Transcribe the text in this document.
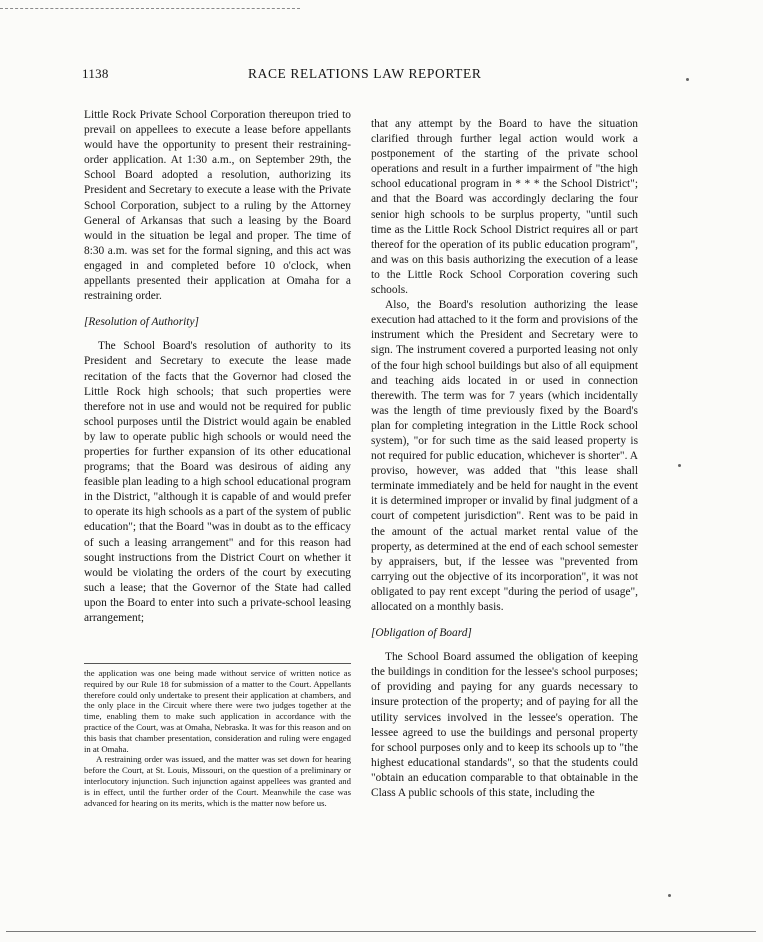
1138	RACE RELATIONS LAW REPORTER

Little Rock Private School Corporation thereupon tried to prevail on appellees to execute a lease before appellants would have the opportunity to present their restraining-order application. At 1:30 a.m., on September 29th, the School Board adopted a resolution, authorizing its President and Secretary to execute a lease with the Private School Corporation, subject to a ruling by the Attorney General of Arkansas that such a leasing by the Board would in the situation be legal and proper. The time of 8:30 a.m. was set for the formal signing, and this act was engaged in and completed before 10 o'clock, when appellants presented their application at Omaha for a restraining order.

[Resolution of Authority]

The School Board's resolution of authority to its President and Secretary to execute the lease made recitation of the facts that the Governor had closed the Little Rock high schools; that such properties were therefore not in use and would not be required for public school purposes until the District would again be enabled by law to operate public high schools or would need the properties for further expansion of its other educational programs; that the Board was desirous of aiding any feasible plan leading to a high school educational program in the District, "although it is capable of and would prefer to operate its high schools as a part of the system of public education"; that the Board "was in doubt as to the efficacy of such a leasing arrangement" and for this reason had sought instructions from the District Court on whether it would be violating the orders of the court by executing such a lease; that the Governor of the State had called upon the Board to enter into such a private-school leasing arrangement;

the application was one being made without service of written notice as required by our Rule 18 for submission of a matter to the Court. Appellants therefore could only undertake to present their application at chambers, and the only place in the Circuit where there were two judges together at the time, enabling them to make such application in accordance with the practice of the Court, was at Omaha, Nebraska. It was for this reason and on this basis that chamber presentation, consideration and ruling were engaged in at Omaha.

A restraining order was issued, and the matter was set down for hearing before the Court, at St. Louis, Missouri, on the question of a preliminary or interlocutory injunction. Such injunction against appellees was granted and is in effect, until the further order of the Court. Meanwhile the case was advanced for hearing on its merits, which is the matter now before us.

that any attempt by the Board to have the situation clarified through further legal action would work a postponement of the starting of the private school operations and result in a further impairment of "the high school educational program in * * * the School District"; and that the Board was accordingly declaring the four senior high schools to be surplus property, "until such time as the Little Rock School District requires all or part thereof for the operation of its public education program", and was on this basis authorizing the execution of a lease to the Little Rock School Corporation covering such schools.

Also, the Board's resolution authorizing the lease execution had attached to it the form and provisions of the instrument which the President and Secretary were to sign. The instrument covered a purported leasing not only of the four high school buildings but also of all equipment and teaching aids located in or used in connection therewith. The term was for 7 years (which incidentally was the length of time previously fixed by the Board's plan for completing integration in the Little Rock school system), "or for such time as the said leased property is not required for public education, whichever is shorter". A proviso, however, was added that "this lease shall terminate immediately and be held for naught in the event it is determined improper or invalid by final judgment of a court of competent jurisdiction". Rent was to be paid in the amount of the actual market rental value of the property, as determined at the end of each school semester by appraisers, but, if the lessee was "prevented from carrying out the objective of its incorporation", it was not obligated to pay rent except "during the period of usage", allocated on a monthly basis.

[Obligation of Board]

The School Board assumed the obligation of keeping the buildings in condition for the lessee's school purposes; of providing and paying for any guards necessary to insure protection of the property; and of paying for all the utility services involved in the lessee's operation. The lessee agreed to use the buildings and personal property for school purposes only and to keep its schools up to "the highest educational standards", so that the students could "obtain an education comparable to that obtainable in the Class A public schools of this state, including the
